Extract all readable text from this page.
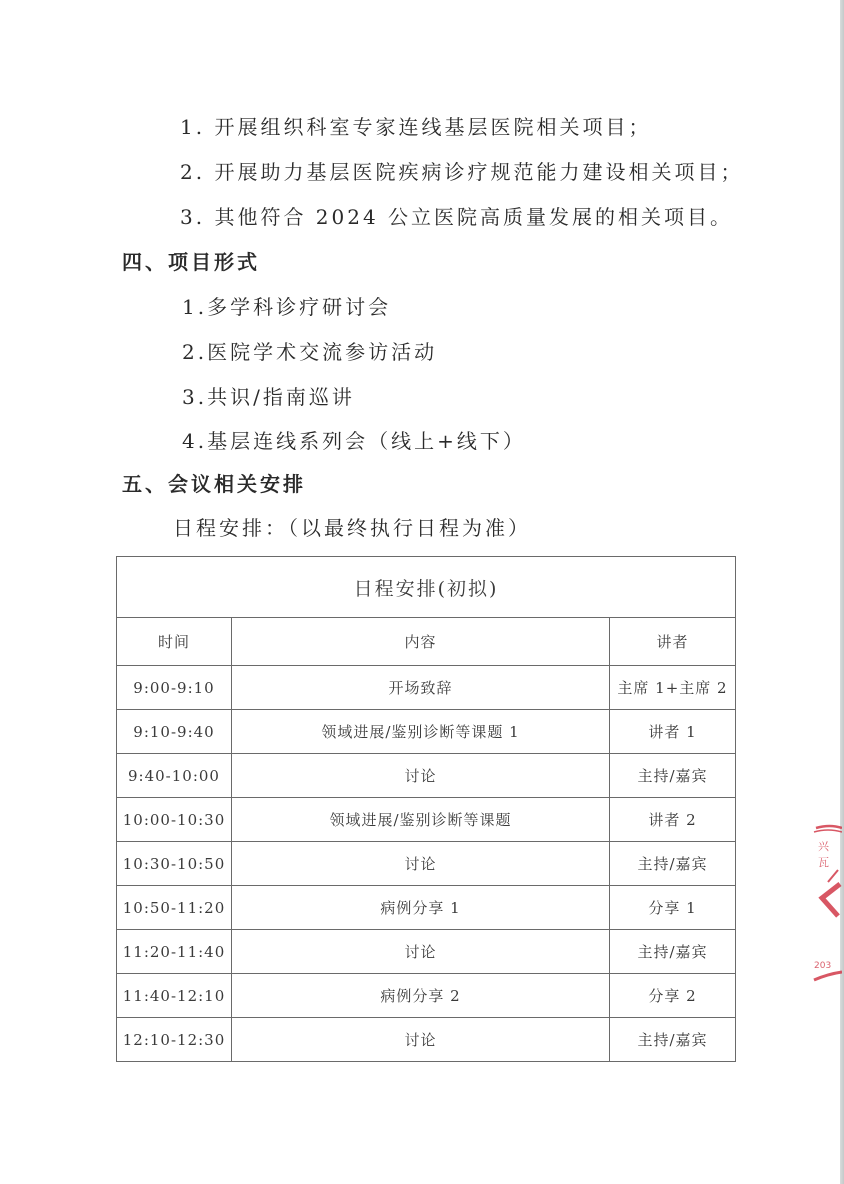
1. 开展组织科室专家连线基层医院相关项目；
2. 开展助力基层医院疾病诊疗规范能力建设相关项目；
3. 其他符合 2024 公立医院高质量发展的相关项目。
四、项目形式
1.多学科诊疗研讨会
2.医院学术交流参访活动
3.共识/指南巡讲
4.基层连线系列会（线上+线下）
五、会议相关安排
日程安排：（以最终执行日程为准）
日程安排(初拟)		
时间	内容	讲者
9:00-9:10	开场致辞	主席 1+主席 2
9:10-9:40	领域进展/鉴别诊断等课题 1	讲者 1
9:40-10:00	讨论	主持/嘉宾
10:00-10:30	领域进展/鉴别诊断等课题	讲者 2
10:30-10:50	讨论	主持/嘉宾
10:50-11:20	病例分享 1	分享 1
11:20-11:40	讨论	主持/嘉宾
11:40-12:10	病例分享 2	分享 2
12:10-12:30	讨论	主持/嘉宾
兴
瓦
203
